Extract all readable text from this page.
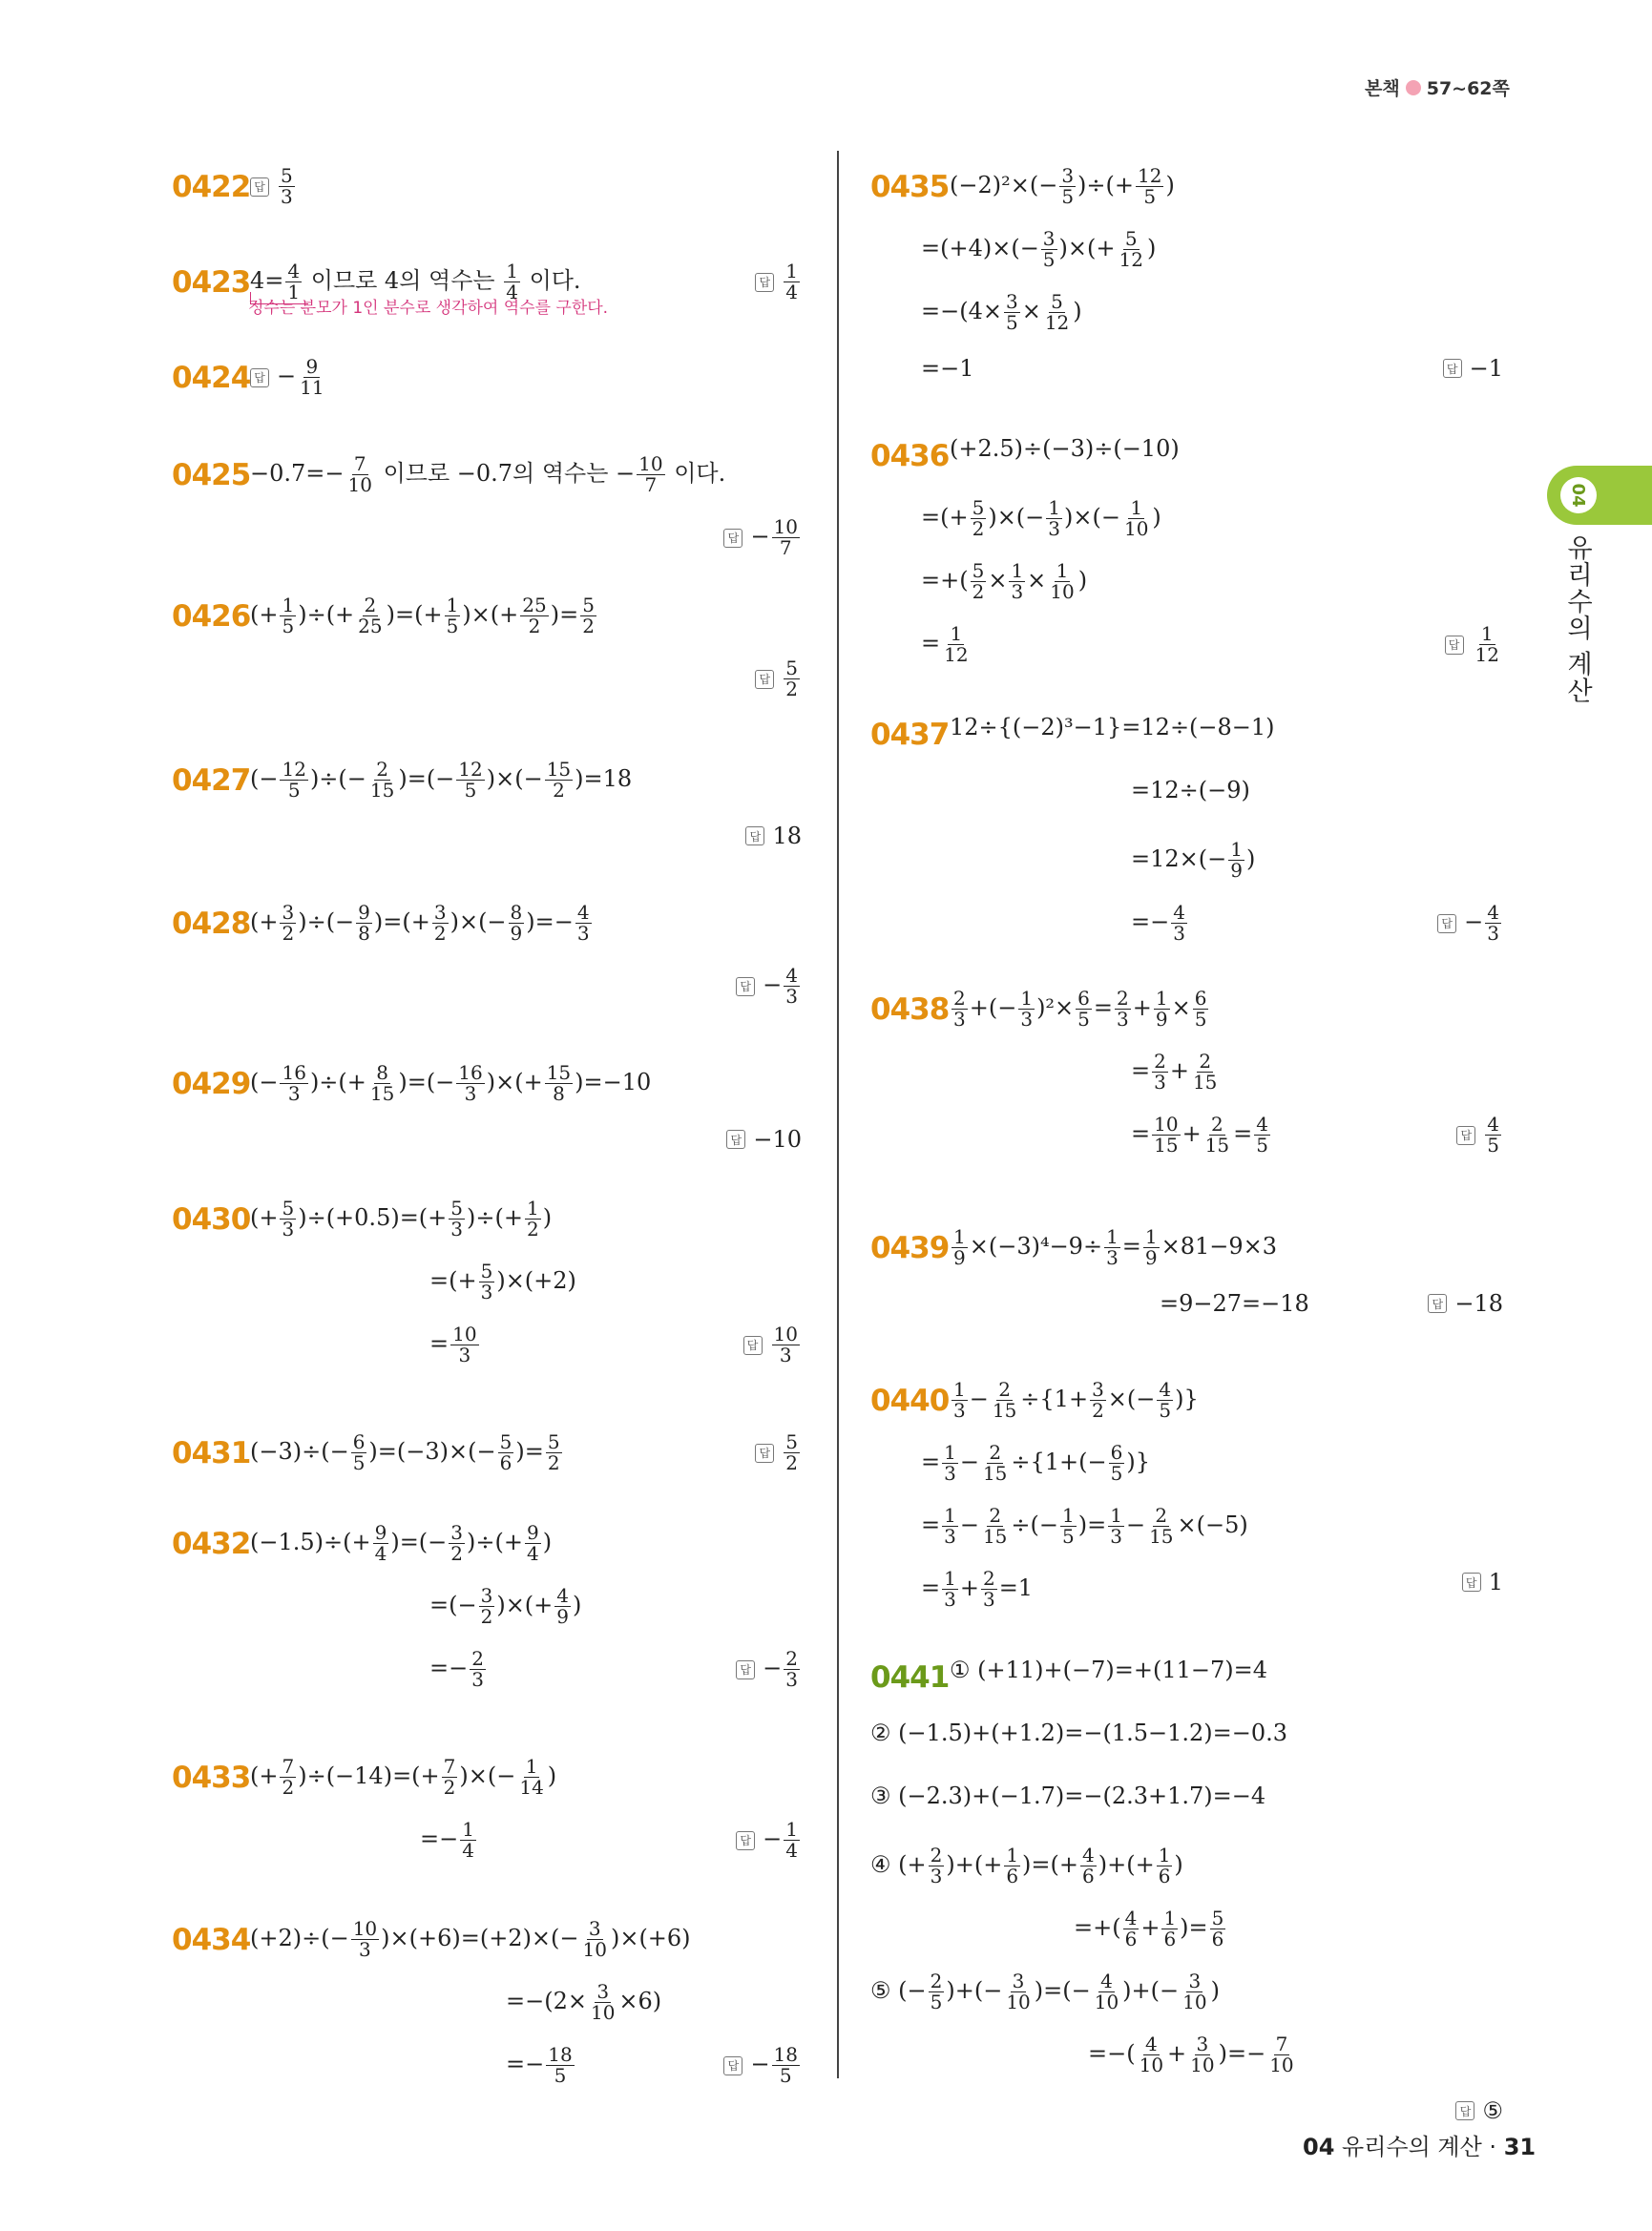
본책 57~62쪽
04
유리수의 계산
정수는 분모가 1인 분수로 생각하여 역수를 구한다.
0422 답 $\frac{5}{3}$
0423 $4= \frac{4}{1}$ 이므로 4의 역수는 $\frac{1}{4}$ 이다.	답 $\frac{1}{4}$
0424 답 − $\frac{9}{11}$
$0425 -0.7=- \frac{7}{10}$ 이므로 −0.7의 역수는 − $\frac{10}{7}$ 이다.
답 − $\frac{10}{7}$
0426 (+ $\frac{1}{5}$ )÷(+ $\frac{2}{25}$ )=(+ $\frac{1}{5}$ )×(+ $\frac{25}{2}$ )= $\frac{5}{2}$
답 $\frac{5}{2}$
0427 (− $\frac{12}{5}$ )÷(− $\frac{2}{15}$ )=(− $\frac{12}{5}$ )×(− $\frac{15}{2} )=18$
답 18
0428 (+ $\frac{3}{2}$ )÷(− $\frac{9}{8}$ )=(+ $\frac{3}{2}$ )×(− $\frac{8}{9}$ )=− $\frac{4}{3}$
답 − $\frac{4}{3}$
0429 (− $\frac{16}{3}$ )÷(+ $\frac{8}{15}$ )=(− $\frac{16}{3}$ )×(+ $\frac{15}{8} )=-10$
답 −10
0430 (+ $\frac{5}{3} )\div(+0.5)=(+ \frac{5}{3}$ )÷(+ $\frac{1}{2}$ )
=(+ $\frac{5}{3} )\times(+2)$
= $\frac{10}{3}$	답 $\frac{10}{3}$
0431 $(-3)\div(- \frac{6}{5} )=(-3)\times(- \frac{5}{6}$ )= $\frac{5}{2}$	답 $\frac{5}{2}$
0432 $(-1.5)\div(+ \frac{9}{4}$ )=(− $\frac{3}{2}$ )÷(+ $\frac{9}{4}$ )
=(− $\frac{3}{2}$ )×(+ $\frac{4}{9}$ )
=− $\frac{2}{3}$	답 − $\frac{2}{3}$
0433 (+ $\frac{7}{2} )\div(-14)=(+ \frac{7}{2}$ )×(− $\frac{1}{14}$ )
=− $\frac{1}{4}$	답 − $\frac{1}{4}$
0434 $(+2)\div(- \frac{10}{3} )\times(+6)=(+2)\times(- \frac{3}{10} )\times(+6)$
$=-(2\times \frac{3}{10} \times 6)$
=− $\frac{18}{5}$	답 − $\frac{18}{5}$
0435 $(-2)^2\times(- \frac{3}{5}$ )÷(+ $\frac{12}{5}$ )
$=(+4)\times(- \frac{3}{5}$ )×(+ $\frac{5}{12}$ )
$=-(4\times \frac{3}{5} \times \frac{5}{12}$ )
=−1	답 −1
0436 (+2.5)÷(−3)÷(−10)
=(+ $\frac{5}{2}$ )×(− $\frac{1}{3}$ )×(− $\frac{1}{10}$ )
=+( $\frac{5}{2} \times \frac{1}{3} \times \frac{1}{10}$ )
= $\frac{1}{12}$	답 $\frac{1}{12}$
0437 12÷{(−2)³−1}=12÷(−8−1)
=12÷(−9)
$=12\times(- \frac{1}{9}$ )
=− $\frac{4}{3}$	답 − $\frac{4}{3}$
$0438 \frac{2}{3}$ +(− $\frac{1}{3} )^2\times \frac{6}{5} = \frac{2}{3} + \frac{1}{9} \times \frac{6}{5}$
= $\frac{2}{3} + \frac{2}{15}$
= $\frac{10}{15} + \frac{2}{15} = \frac{4}{5}$	답 $\frac{4}{5}$
$0439 \frac{1}{9} \times(-3)^4-9\div \frac{1}{3} = \frac{1}{9} \times 81-9\times 3$
=9−27=−18	답 −18
$0440 \frac{1}{3} - \frac{2}{15} \div\{1+ \frac{3}{2}$ ×(− $\frac{4}{5}$ )}
= $\frac{1}{3} - \frac{2}{15} \div\{1+(- \frac{6}{5}$ )}
= $\frac{1}{3} - \frac{2}{15}$ ÷(− $\frac{1}{5}$ )= $\frac{1}{3} - \frac{2}{15} \times(-5)$
= $\frac{1}{3} + \frac{2}{3} =1$	답 1
0441 ① (+11)+(−7)=+(11−7)=4
② (−1.5)+(+1.2)=−(1.5−1.2)=−0.3
③ (−2.3)+(−1.7)=−(2.3+1.7)=−4
④ (+ $\frac{2}{3}$ )+(+ $\frac{1}{6}$ )=(+ $\frac{4}{6}$ )+(+ $\frac{1}{6}$ )
=+( $\frac{4}{6} + \frac{1}{6}$ )= $\frac{5}{6}$
⑤ (− $\frac{2}{5}$ )+(− $\frac{3}{10}$ )=(− $\frac{4}{10}$ )+(− $\frac{3}{10}$ )
=−( $\frac{4}{10} + \frac{3}{10}$ )=− $\frac{7}{10}$
답 ⑤
04 유리수의 계산 · 31
